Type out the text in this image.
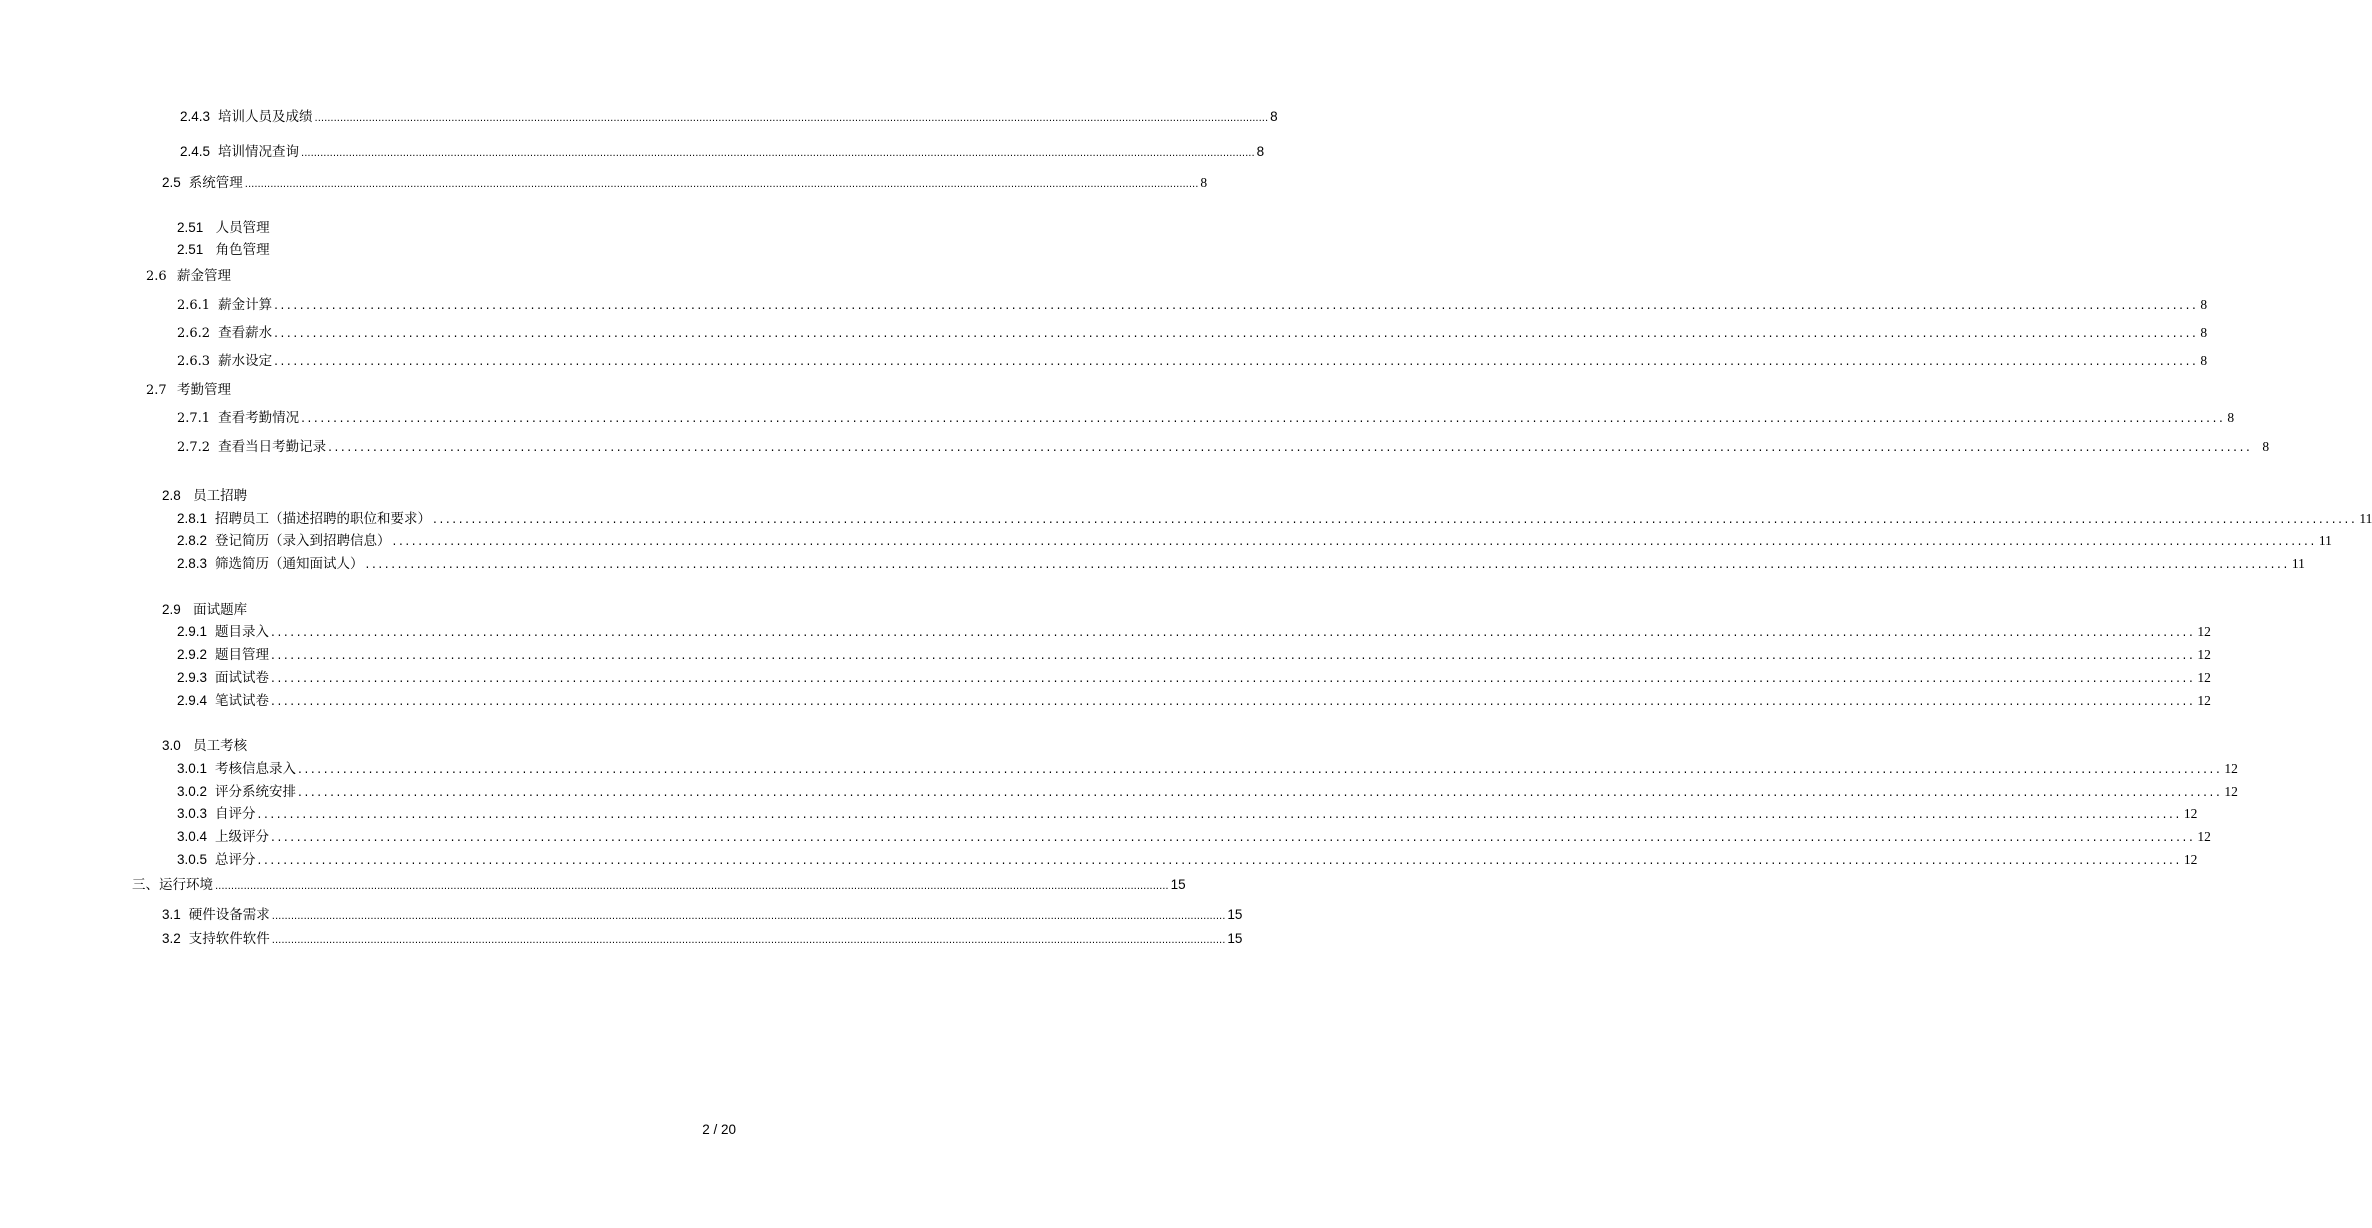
2.4.3 培训人员及成绩 ............................................................................................................................................................................................................................................................................................................ 8
2.4.5 培训情况查询 ............................................................................................................................................................................................................................................................................................................ 8
2.5 系统管理 ............................................................................................................................................................................................................................................................................................................ 8
2.51 人员管理
2.51 角色管理
2.6 薪金管理
2.6.1 薪金计算 ............................................................................................................................................................................................................................................................................................................ 8
2.6.2 查看薪水 ............................................................................................................................................................................................................................................................................................................ 8
2.6.3 薪水设定 ............................................................................................................................................................................................................................................................................................................ 8
2.7 考勤管理
2.7.1 查看考勤情况 ............................................................................................................................................................................................................................................................................................................ 8
2.7.2 查看当日考勤记录 ............................................................................................................................................................................................................................................................................................................ 8
2.8 员工招聘
2.8.1 招聘员工（描述招聘的职位和要求） ............................................................................................................................................................................................................................................................................................................ 11
2.8.2 登记简历（录入到招聘信息） ............................................................................................................................................................................................................................................................................................................ 11
2.8.3 筛选简历（通知面试人） ............................................................................................................................................................................................................................................................................................................ 11
2.9 面试题库
2.9.1 题目录入 ............................................................................................................................................................................................................................................................................................................ 12
2.9.2 题目管理 ............................................................................................................................................................................................................................................................................................................ 12
2.9.3 面试试卷 ............................................................................................................................................................................................................................................................................................................ 12
2.9.4 笔试试卷 ............................................................................................................................................................................................................................................................................................................ 12
3.0 员工考核
3.0.1 考核信息录入 ............................................................................................................................................................................................................................................................................................................ 12
3.0.2 评分系统安排 ............................................................................................................................................................................................................................................................................................................ 12
3.0.3 自评分 ............................................................................................................................................................................................................................................................................................................ 12
3.0.4 上级评分 ............................................................................................................................................................................................................................................................................................................ 12
3.0.5 总评分 ............................................................................................................................................................................................................................................................................................................ 12
三、运行环境 ............................................................................................................................................................................................................................................................................................................ 15
3.1 硬件设备需求 ............................................................................................................................................................................................................................................................................................................ 15
3.2 支持软件软件 ............................................................................................................................................................................................................................................................................................................ 15
2 / 20
